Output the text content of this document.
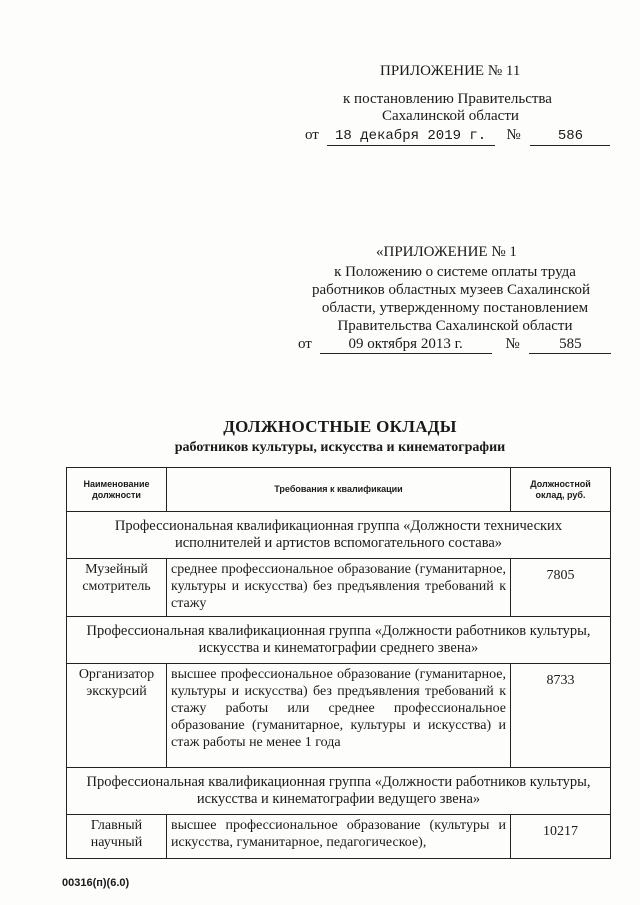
ПРИЛОЖЕНИЕ № 11
к постановлению Правительства
Сахалинской области
от 18 декабря 2019 г. №	586
«ПРИЛОЖЕНИЕ № 1
к Положению о системе оплаты труда
работников областных музеев Сахалинской
области, утвержденному постановлением
Правительства Сахалинской области
от 09 октября 2013 г.	№	585
ДОЛЖНОСТНЫЕ ОКЛАДЫ
работников культуры, искусства и кинематографии
Наименование должности	Требования к квалификации	Должностной оклад, руб.
Профессиональная квалификационная группа «Должности технических исполнителей и артистов вспомогательного состава»		
Музейный смотритель	среднее профессиональное образование (гуманитарное, культуры и искусства) без предъявления требований к стажу	7805
Профессиональная квалификационная группа «Должности работников культуры, искусства и кинематографии среднего звена»		
Организатор экскурсий	высшее профессиональное образование (гуманитарное, культуры и искусства) без предъявления требований к стажу работы или среднее профессиональное образование (гуманитарное, культуры и искусства) и стаж работы не менее 1 года	8733
Профессиональная квалификационная группа «Должности работников культуры, искусства и кинематографии ведущего звена»		
Главный научный	высшее профессиональное образование (культуры и искусства, гуманитарное, педагогическое),	10217
00316(п)(6.0)
